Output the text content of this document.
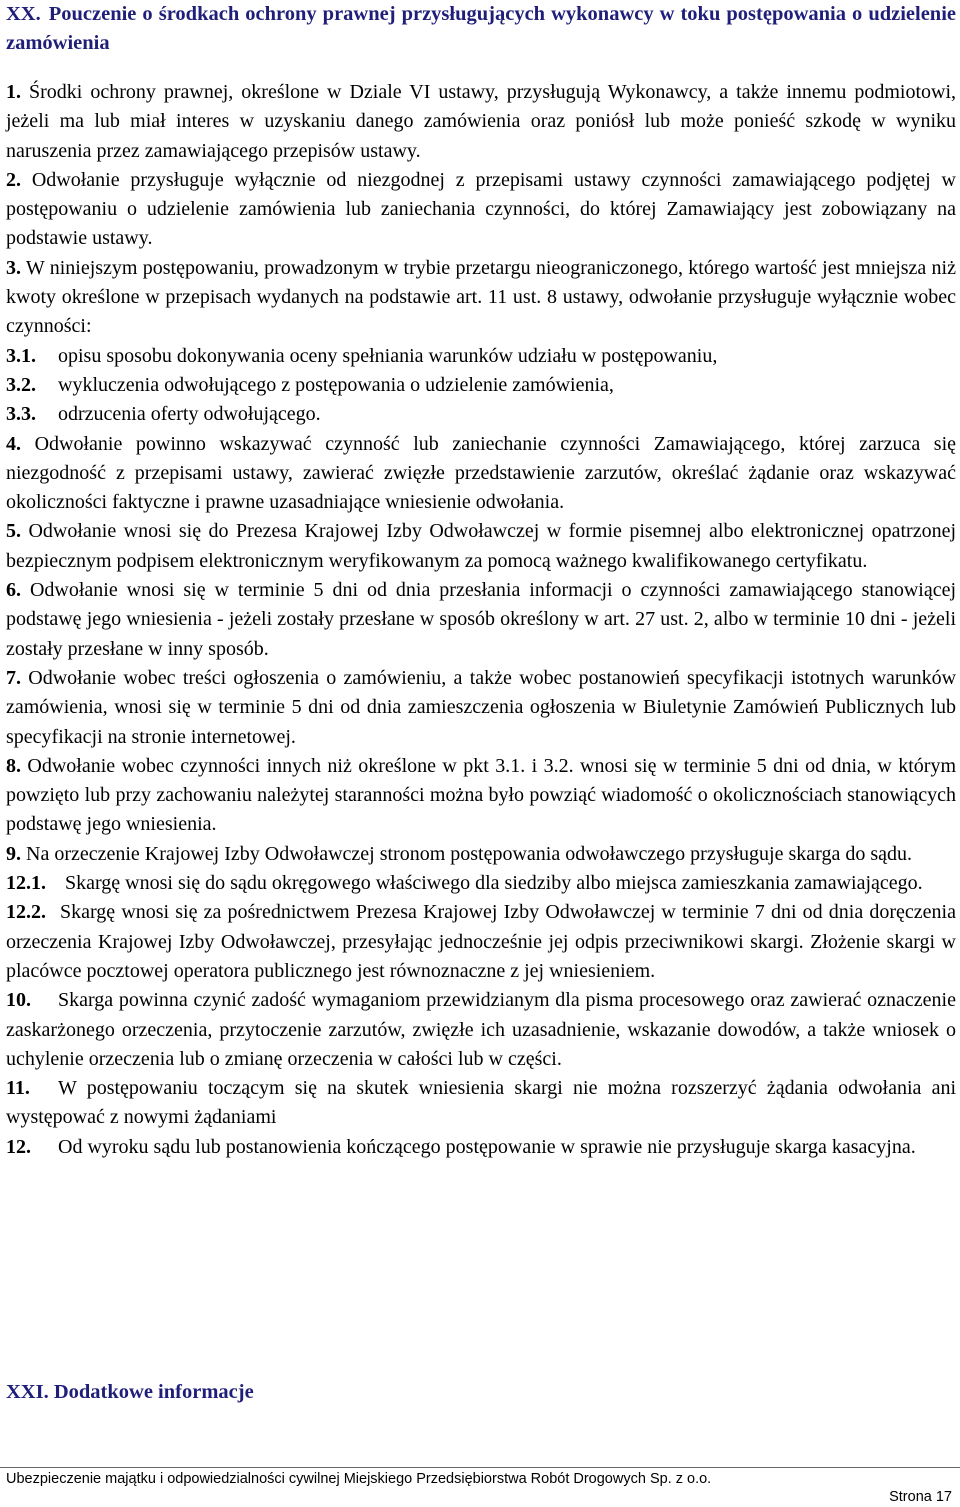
XX. Pouczenie o środkach ochrony prawnej przysługujących wykonawcy w toku postępowania o udzielenie zamówienia

1. Środki ochrony prawnej, określone w Dziale VI ustawy, przysługują Wykonawcy, a także innemu podmiotowi, jeżeli ma lub miał interes w uzyskaniu danego zamówienia oraz poniósł lub może ponieść szkodę w wyniku naruszenia przez zamawiającego przepisów ustawy.

2. Odwołanie przysługuje wyłącznie od niezgodnej z przepisami ustawy czynności zamawiającego podjętej w postępowaniu o udzielenie zamówienia lub zaniechania czynności, do której Zamawiający jest zobowiązany na podstawie ustawy.

3. W niniejszym postępowaniu, prowadzonym w trybie przetargu nieograniczonego, którego wartość jest mniejsza niż kwoty określone w przepisach wydanych na podstawie art. 11 ust. 8 ustawy, odwołanie przysługuje wyłącznie wobec czynności:

3.1. opisu sposobu dokonywania oceny spełniania warunków udziału w postępowaniu,

3.2. wykluczenia odwołującego z postępowania o udzielenie zamówienia,

3.3. odrzucenia oferty odwołującego.

4. Odwołanie powinno wskazywać czynność lub zaniechanie czynności Zamawiającego, której zarzuca się niezgodność z przepisami ustawy, zawierać zwięzłe przedstawienie zarzutów, określać żądanie oraz wskazywać okoliczności faktyczne i prawne uzasadniające wniesienie odwołania.

5. Odwołanie wnosi się do Prezesa Krajowej Izby Odwoławczej w formie pisemnej albo elektronicznej opatrzonej bezpiecznym podpisem elektronicznym weryfikowanym za pomocą ważnego kwalifikowanego certyfikatu.

6. Odwołanie wnosi się w terminie 5 dni od dnia przesłania informacji o czynności zamawiającego stanowiącej podstawę jego wniesienia - jeżeli zostały przesłane w sposób określony w art. 27 ust. 2, albo w terminie 10 dni - jeżeli zostały przesłane w inny sposób.

7. Odwołanie wobec treści ogłoszenia o zamówieniu, a także wobec postanowień specyfikacji istotnych warunków zamówienia, wnosi się w terminie 5 dni od dnia zamieszczenia ogłoszenia w Biuletynie Zamówień Publicznych lub specyfikacji na stronie internetowej.

8. Odwołanie wobec czynności innych niż określone w pkt 3.1. i 3.2. wnosi się w terminie 5 dni od dnia, w którym powzięto lub przy zachowaniu należytej staranności można było powziąć wiadomość o okolicznościach stanowiących podstawę jego wniesienia.

9. Na orzeczenie Krajowej Izby Odwoławczej stronom postępowania odwoławczego przysługuje skarga do sądu.

12.1. Skargę wnosi się do sądu okręgowego właściwego dla siedziby albo miejsca zamieszkania zamawiającego.

12.2. Skargę wnosi się za pośrednictwem Prezesa Krajowej Izby Odwoławczej w terminie 7 dni od dnia doręczenia orzeczenia Krajowej Izby Odwoławczej, przesyłając jednocześnie jej odpis przeciwnikowi skargi. Złożenie skargi w placówce pocztowej operatora publicznego jest równoznaczne z jej wniesieniem.

10. Skarga powinna czynić zadość wymaganiom przewidzianym dla pisma procesowego oraz zawierać oznaczenie zaskarżonego orzeczenia, przytoczenie zarzutów, zwięzłe ich uzasadnienie, wskazanie dowodów, a także wniosek o uchylenie orzeczenia lub o zmianę orzeczenia w całości lub w części.

11. W postępowaniu toczącym się na skutek wniesienia skargi nie można rozszerzyć żądania odwołania ani występować z nowymi żądaniami

12. Od wyroku sądu lub postanowienia kończącego postępowanie w sprawie nie przysługuje skarga kasacyjna.

XXI. Dodatkowe informacje
Ubezpieczenie majątku i odpowiedzialności cywilnej Miejskiego Przedsiębiorstwa Robót Drogowych Sp. z o.o.
Strona 17
